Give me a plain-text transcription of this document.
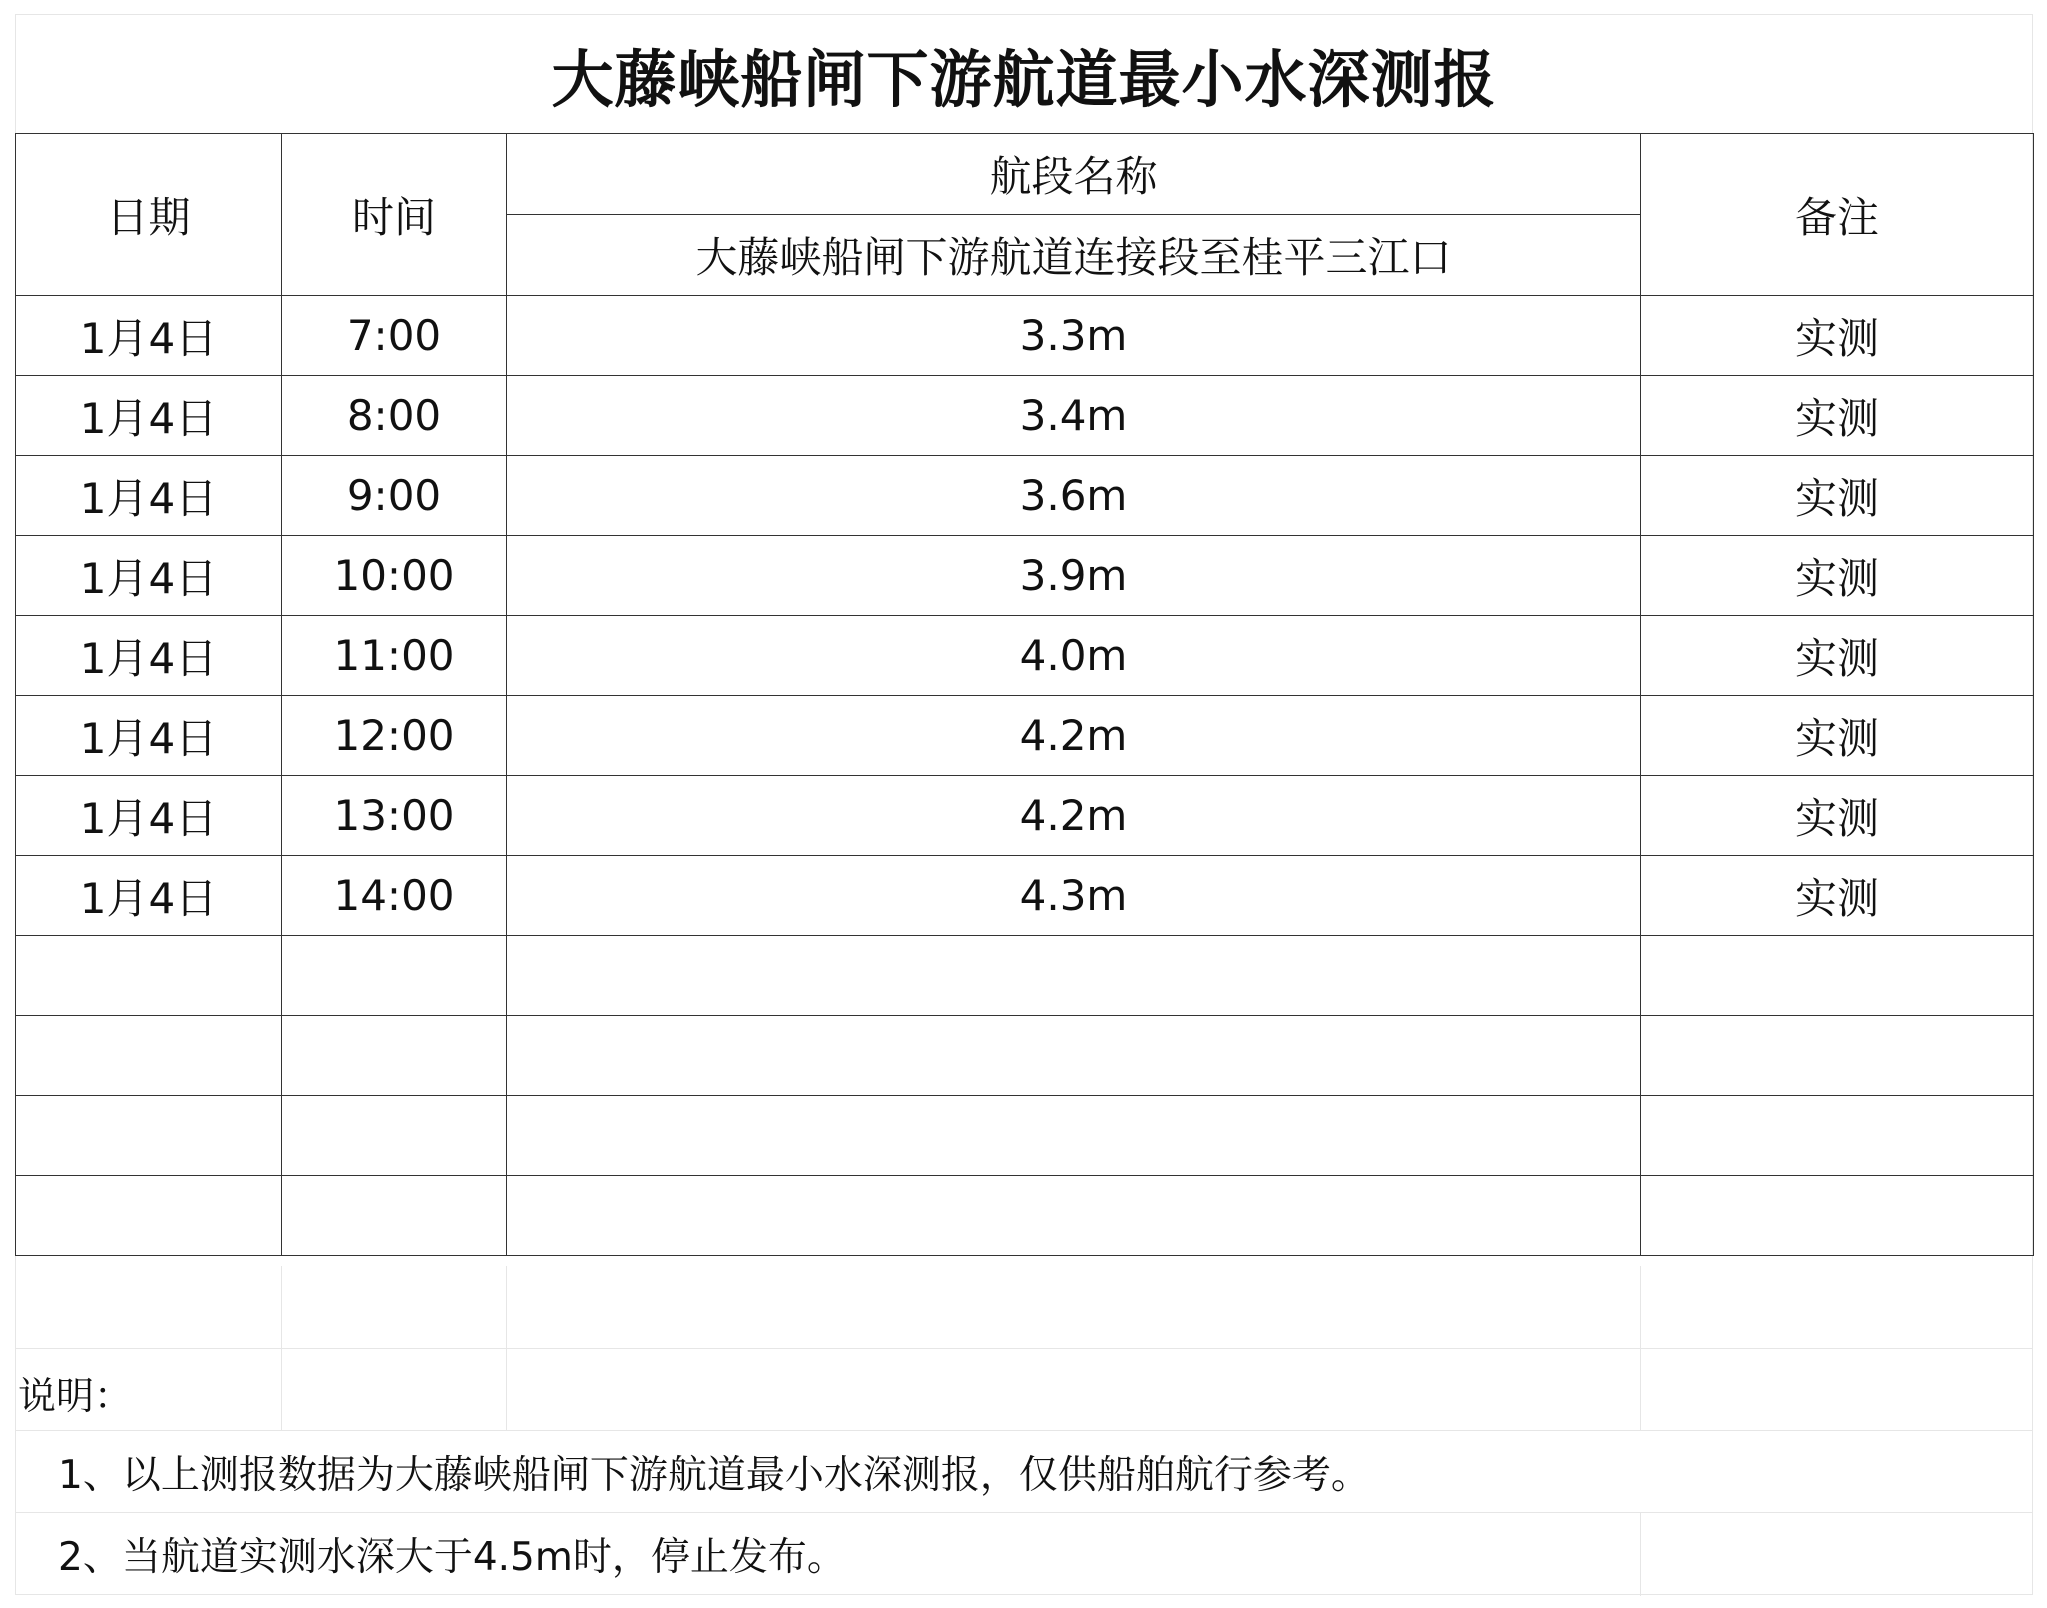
大藤峡船闸下游航道最小水深测报
日期	时间	航段名称	备注
		大藤峡船闸下游航道连接段至桂平三江口	
1月4日	7:00	3.3m	实测
1月4日	8:00	3.4m	实测
1月4日	9:00	3.6m	实测
1月4日	10:00	3.9m	实测
1月4日	11:00	4.0m	实测
1月4日	12:00	4.2m	实测
1月4日	13:00	4.2m	实测
1月4日	14:00	4.3m	实测

说明：
1、以上测报数据为大藤峡船闸下游航道最小水深测报，仅供船舶航行参考。
2、当航道实测水深大于4.5m时，停止发布。
